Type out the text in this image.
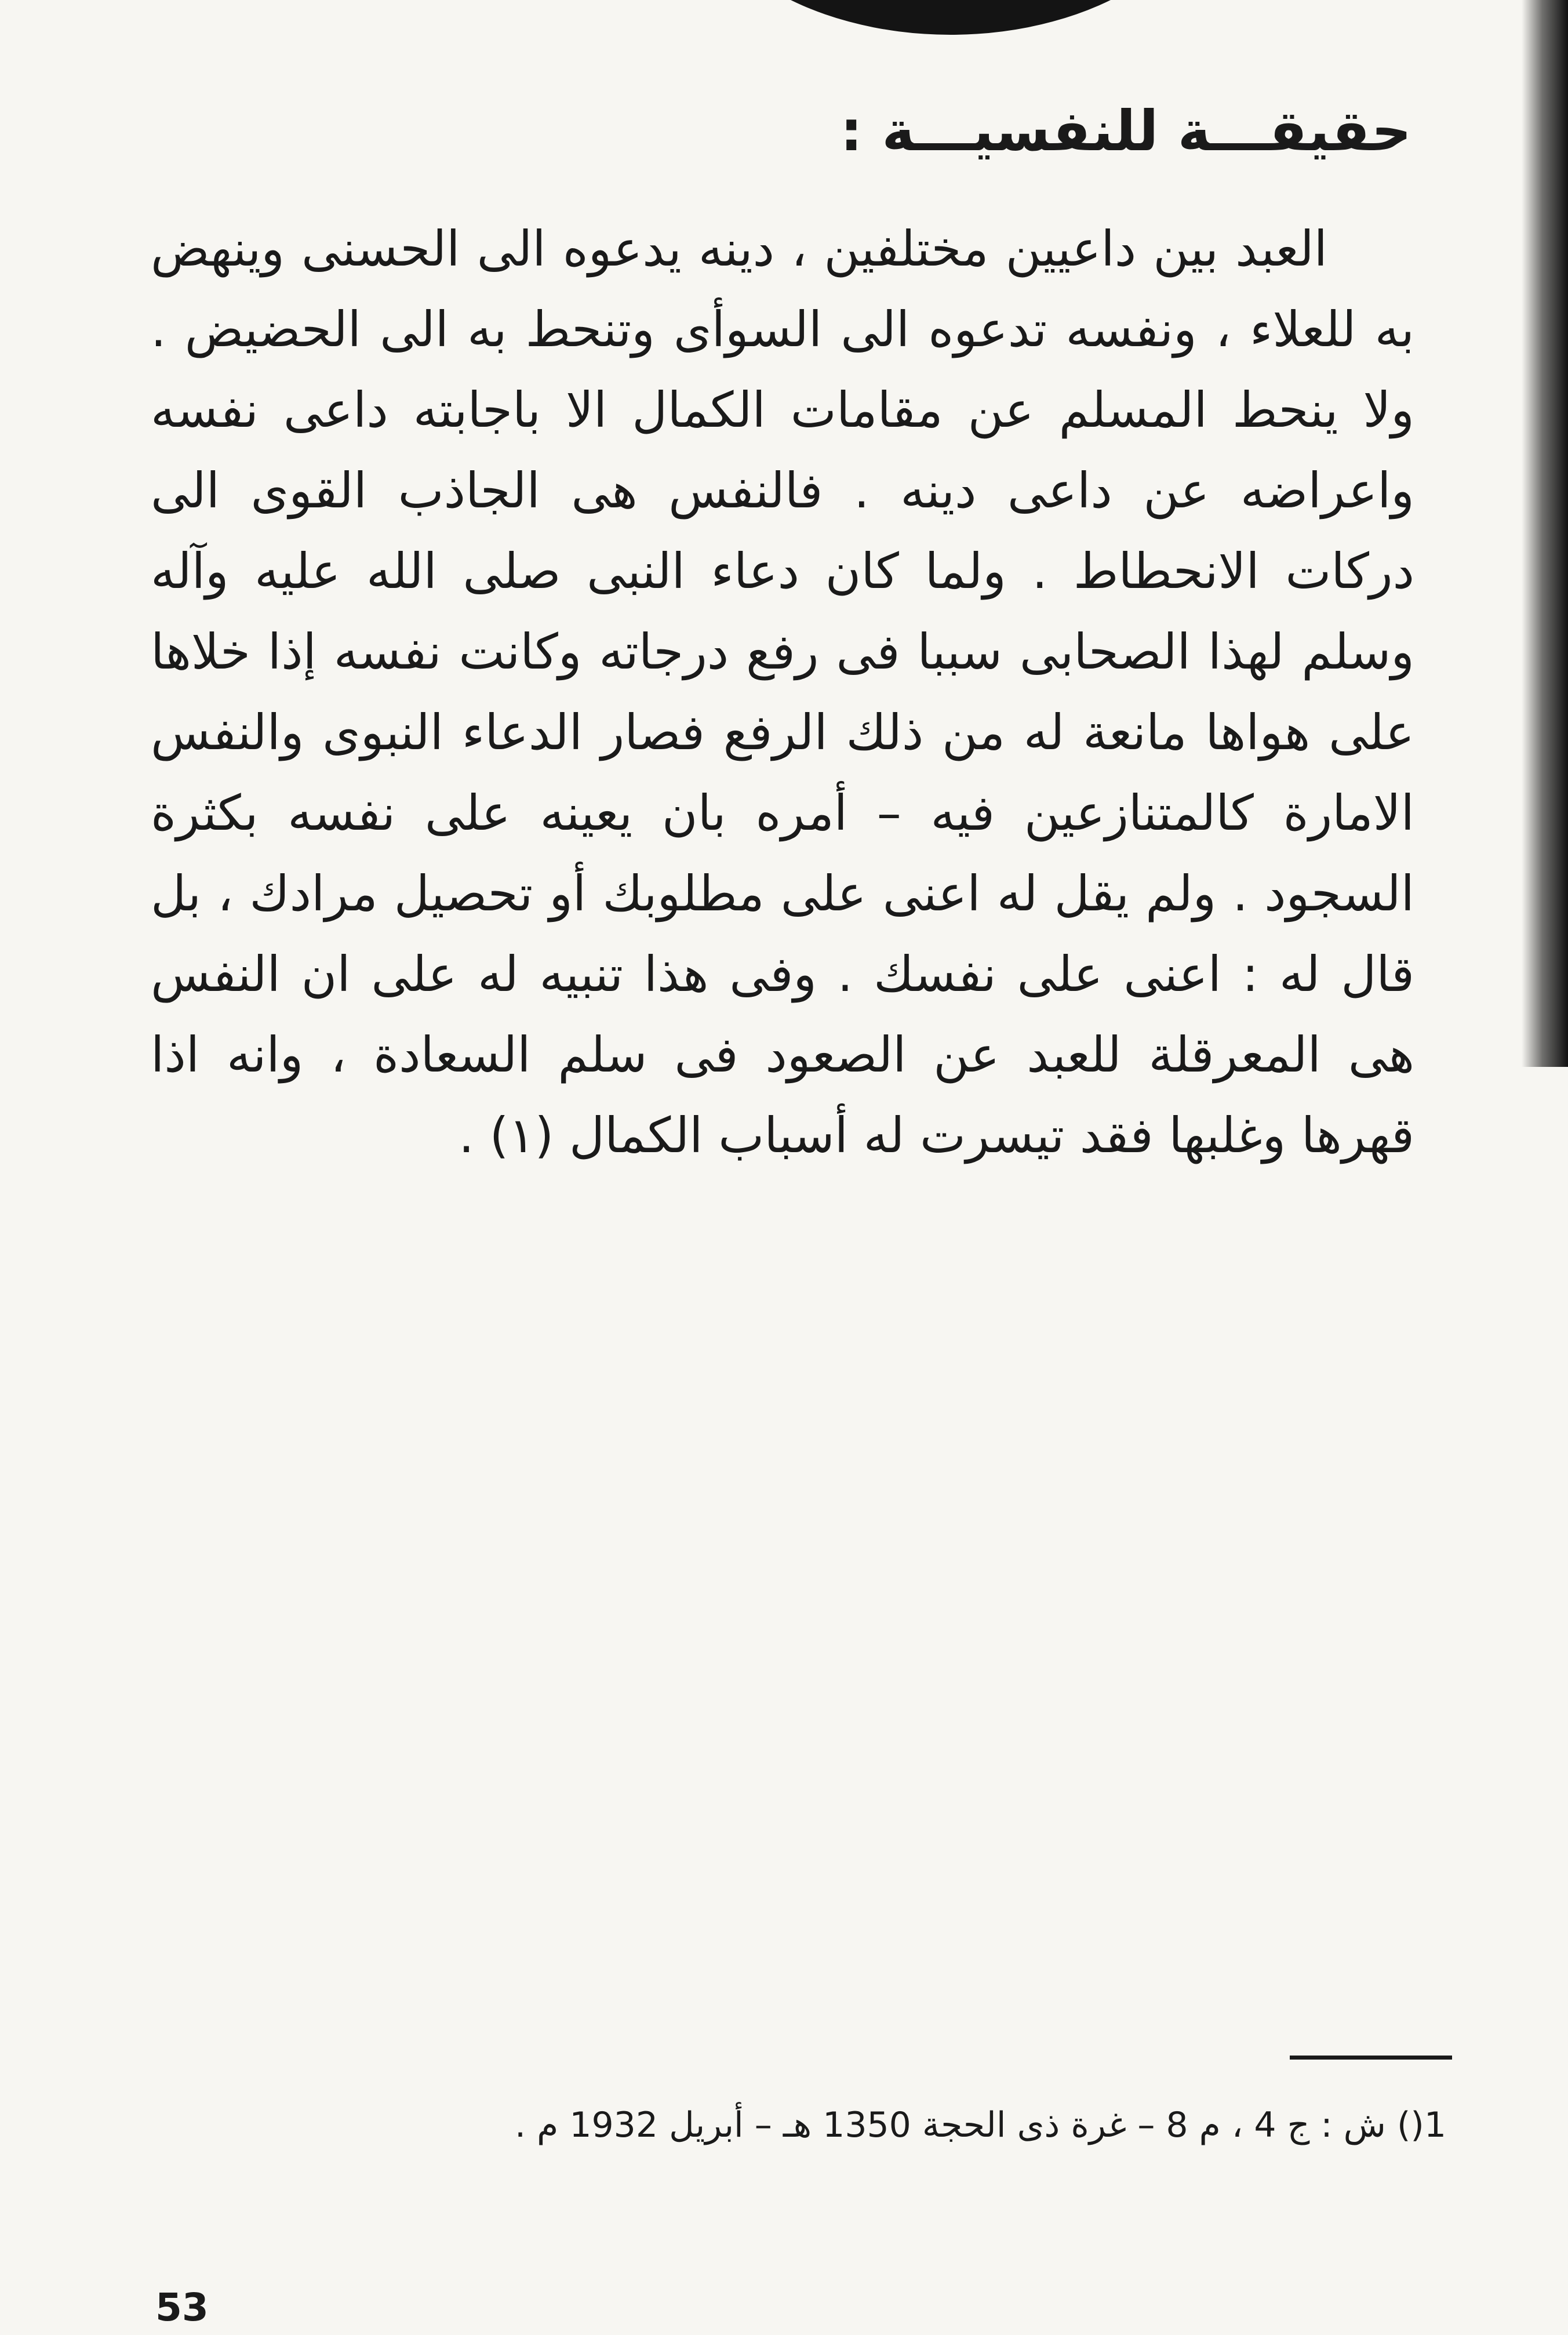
حقيقـــة للنفسيـــة :

العبد بين داعيين مختلفين ، دينه يدعوه الى الحسنى وينهض به للعلاء ، ونفسه تدعوه الى السوأى وتنحط به الى الحضيض . ولا ينحط المسلم عن مقامات الكمال الا باجابته داعى نفسه واعراضه عن داعى دينه . فالنفس هى الجاذب القوى الى دركات الانحطاط . ولما كان دعاء النبى صلى الله عليه وآله وسلم لهذا الصحابى سببا فى رفع درجاته وكانت نفسه إذا خلاها على هواها مانعة له من ذلك الرفع فصار الدعاء النبوى والنفس الامارة كالمتنازعين فيه – أمره بان يعينه على نفسه بكثرة السجود . ولم يقل له اعنى على مطلوبك أو تحصيل مرادك ، بل قال له : اعنى على نفسك . وفى هذا تنبيه له على ان النفس هى المعرقلة للعبد عن الصعود فى سلم السعادة ، وانه اذا قهرها وغلبها فقد تيسرت له أسباب الكمال (١) .

1() ش : ج 4 ، م 8 – غرة ذى الحجة 1350 هـ – أبريل 1932 م .
53
